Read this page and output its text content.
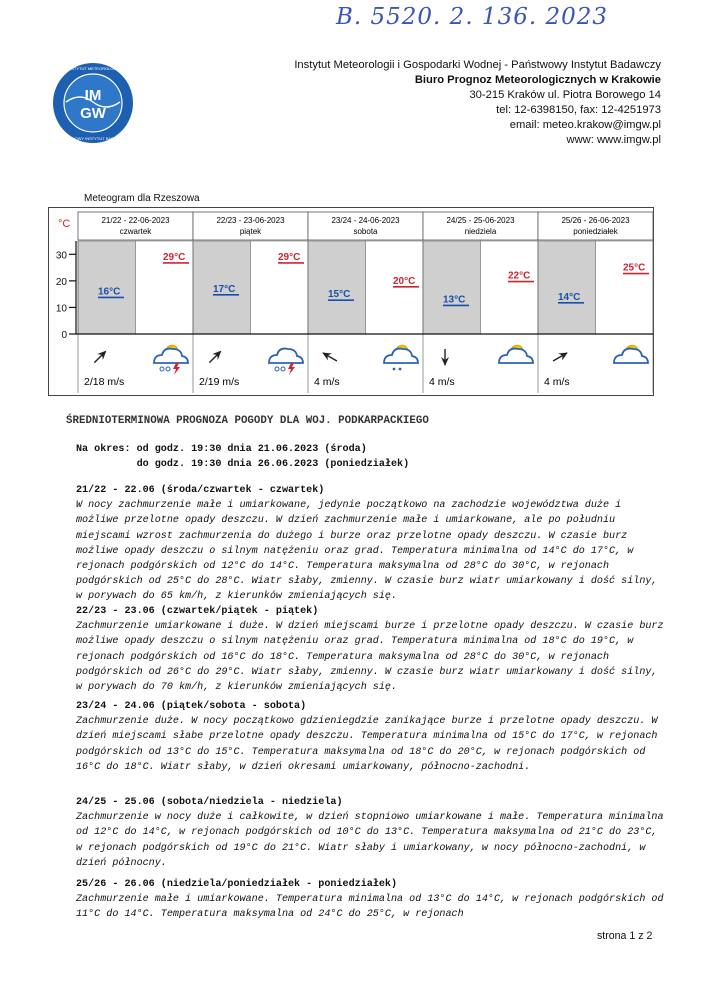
B. 5520. 2. 136. 2023
IM
GW
INSTYTUT METEOROLOGII
PAŃSTWOWY INSTYTUT BADAWCZY
Instytut Meteorologii i Gospodarki Wodnej - Państwowy Instytut Badawczy
Biuro Prognoz Meteorologicznych w Krakowie
30-215 Kraków ul. Piotra Borowego 14
tel: 12-6398150, fax: 12-4251973
email: meteo.krakow@imgw.pl
www: www.imgw.pl
Meteogram dla Rzeszowa
°C
30
20
10
0
21/22 - 22-06-2023
czwartek
16°C
29°C
2/18 m/s
22/23 - 23-06-2023
piątek
17°C
29°C
2/19 m/s
23/24 - 24-06-2023
sobota
15°C
20°C
4 m/s
24/25 - 25-06-2023
niedziela
13°C
22°C
4 m/s
25/26 - 26-06-2023
poniedziałek
14°C
25°C
4 m/s
ŚREDNIOTERMINOWA PROGNOZA POGODY DLA WOJ. PODKARPACKIEGO
Na okres: od godz. 19:30 dnia 21.06.2023 (środa)
do godz. 19:30 dnia 26.06.2023 (poniedziałek)
21/22 - 22.06 (środa/czwartek - czwartek)
W nocy zachmurzenie małe i umiarkowane, jedynie początkowo na zachodzie województwa duże i możliwe przelotne opady deszczu. W dzień zachmurzenie małe i umiarkowane, ale po południu miejscami wzrost zachmurzenia do dużego i burze oraz przelotne opady deszczu. W czasie burz możliwe opady deszczu o silnym natężeniu oraz grad. Temperatura minimalna od 14°C do 17°C, w rejonach podgórskich od 12°C do 14°C. Temperatura maksymalna od 28°C do 30°C, w rejonach podgórskich od 25°C do 28°C. Wiatr słaby, zmienny. W czasie burz wiatr umiarkowany i dość silny, w porywach do 65 km/h, z kierunków zmieniających się.
22/23 - 23.06 (czwartek/piątek - piątek)
Zachmurzenie umiarkowane i duże. W dzień miejscami burze i przelotne opady deszczu. W czasie burz możliwe opady deszczu o silnym natężeniu oraz grad. Temperatura minimalna od 18°C do 19°C, w rejonach podgórskich od 16°C do 18°C. Temperatura maksymalna od 28°C do 30°C, w rejonach podgórskich od 26°C do 29°C. Wiatr słaby, zmienny. W czasie burz wiatr umiarkowany i dość silny, w porywach do 70 km/h, z kierunków zmieniających się.
23/24 - 24.06 (piątek/sobota - sobota)
Zachmurzenie duże. W nocy początkowo gdzieniegdzie zanikające burze i przelotne opady deszczu. W dzień miejscami słabe przelotne opady deszczu. Temperatura minimalna od 15°C do 17°C, w rejonach podgórskich od 13°C do 15°C. Temperatura maksymalna od 18°C do 20°C, w rejonach podgórskich od 16°C do 18°C. Wiatr słaby, w dzień okresami umiarkowany, północno-zachodni.
24/25 - 25.06 (sobota/niedziela - niedziela)
Zachmurzenie w nocy duże i całkowite, w dzień stopniowo umiarkowane i małe. Temperatura minimalna od 12°C do 14°C, w rejonach podgórskich od 10°C do 13°C. Temperatura maksymalna od 21°C do 23°C, w rejonach podgórskich od 19°C do 21°C. Wiatr słaby i umiarkowany, w nocy północno-zachodni, w dzień północny.
25/26 - 26.06 (niedziela/poniedziałek - poniedziałek)
Zachmurzenie małe i umiarkowane. Temperatura minimalna od 13°C do 14°C, w rejonach podgórskich od 11°C do 14°C. Temperatura maksymalna od 24°C do 25°C, w rejonach
strona 1 z 2
